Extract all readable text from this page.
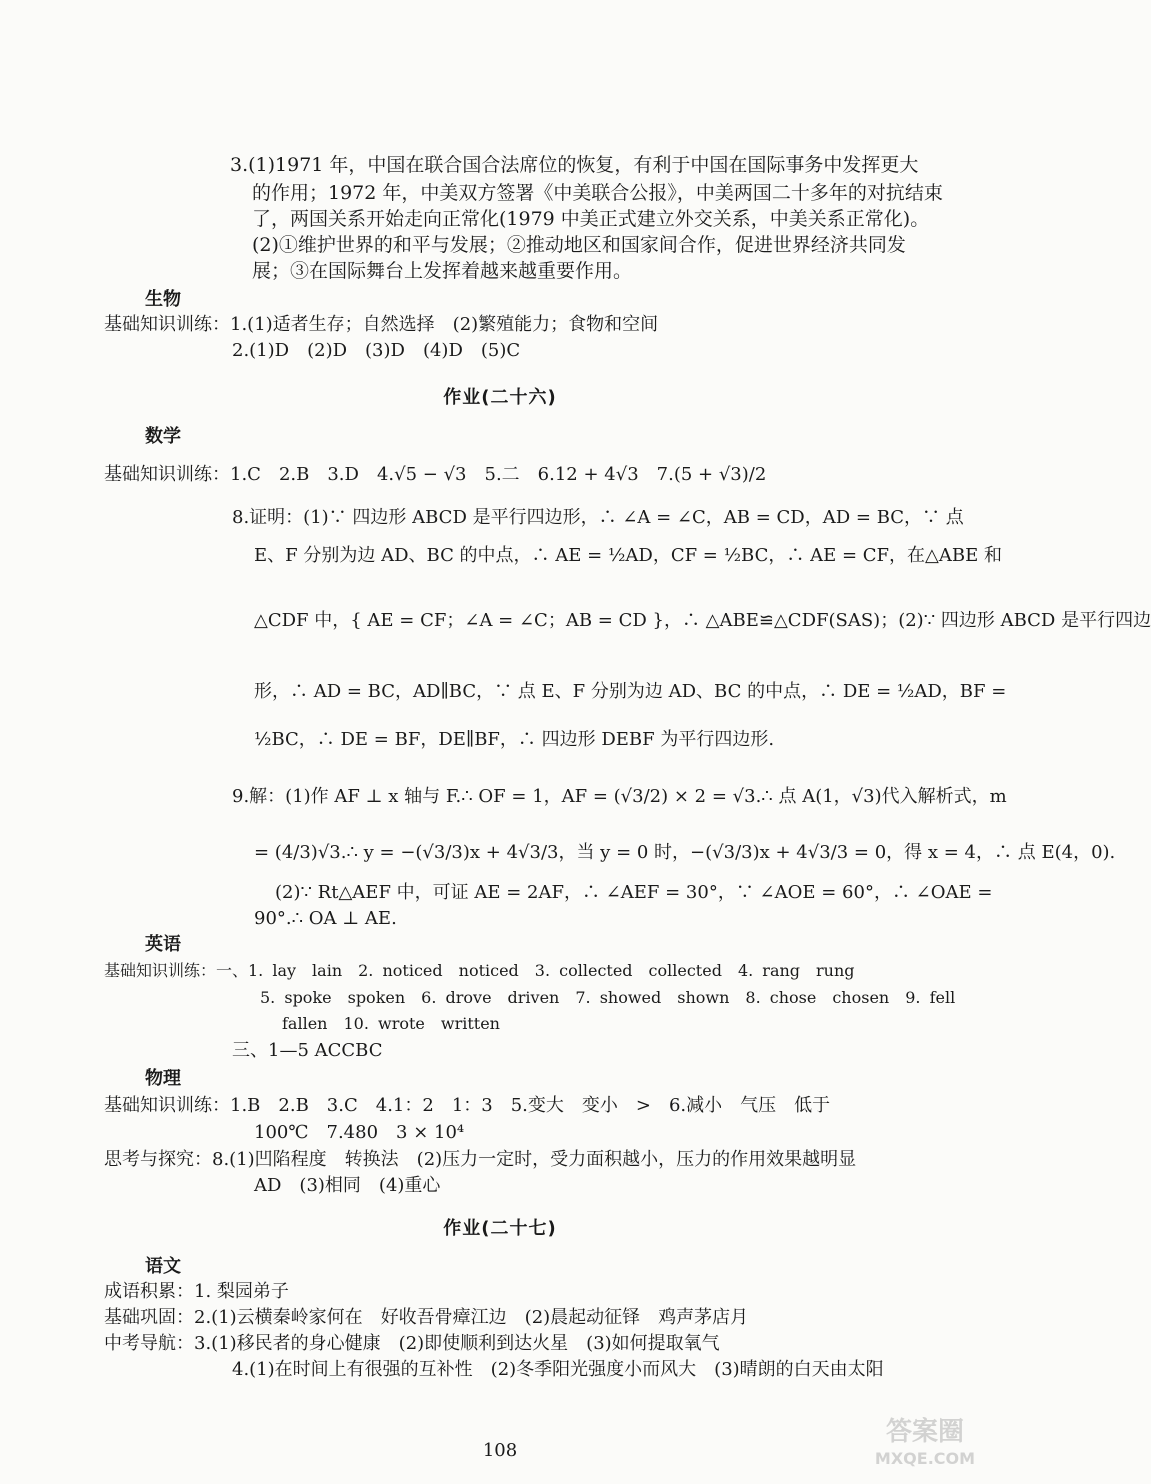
3.(1)1971 年，中国在联合国合法席位的恢复，有利于中国在国际事务中发挥更大
的作用；1972 年，中美双方签署《中美联合公报》，中美两国二十多年的对抗结束
了，两国关系开始走向正常化(1979 中美正式建立外交关系，中美关系正常化)。
(2)①维护世界的和平与发展；②推动地区和国家间合作，促进世界经济共同发
展；③在国际舞台上发挥着越来越重要作用。
生物
基础知识训练：1.(1)适者生存；自然选择　(2)繁殖能力；食物和空间
2.(1)D　(2)D　(3)D　(4)D　(5)C
作业(二十六)
数学
基础知识训练：1.C　2.B　3.D　4.√5 − √3　5.二　6.12 + 4√3　7.(5 + √3)/2
8.证明：(1)∵ 四边形 ABCD 是平行四边形，∴ ∠A = ∠C，AB = CD，AD = BC，∵ 点
E、F 分别为边 AD、BC 的中点，∴ AE = ½AD，CF = ½BC，∴ AE = CF，在△ABE 和
△CDF 中，{ AE = CF；∠A = ∠C；AB = CD }，∴ △ABE≌△CDF(SAS)；(2)∵ 四边形 ABCD 是平行四边
形，∴ AD = BC，AD∥BC，∵ 点 E、F 分别为边 AD、BC 的中点，∴ DE = ½AD，BF =
½BC，∴ DE = BF，DE∥BF，∴ 四边形 DEBF 为平行四边形.
9.解：(1)作 AF ⊥ x 轴与 F.∴ OF = 1，AF = (√3/2) × 2 = √3.∴ 点 A(1，√3)代入解析式，m
= (4/3)√3.∴ y = −(√3/3)x + 4√3/3，当 y = 0 时，−(√3/3)x + 4√3/3 = 0，得 x = 4，∴ 点 E(4，0).
(2)∵ Rt△AEF 中，可证 AE = 2AF，∴ ∠AEF = 30°，∵ ∠AOE = 60°，∴ ∠OAE =
90°.∴ OA ⊥ AE.
英语
基础知识训练：一、1. lay　lain　2. noticed　noticed　3. collected　collected　4. rang　rung
5. spoke　spoken　6. drove　driven　7. showed　shown　8. chose　chosen　9. fell
fallen　10. wrote　written
三、1—5 ACCBC
物理
基础知识训练：1.B　2.B　3.C　4.1：2　1：3　5.变大　变小　>　6.减小　气压　低于
100℃　7.480　3 × 10⁴
思考与探究：8.(1)凹陷程度　转换法　(2)压力一定时，受力面积越小，压力的作用效果越明显
AD　(3)相同　(4)重心
作业(二十七)
语文
成语积累：1. 梨园弟子
基础巩固：2.(1)云横秦岭家何在　好收吾骨瘴江边　(2)晨起动征铎　鸡声茅店月
中考导航：3.(1)移民者的身心健康　(2)即使顺利到达火星　(3)如何提取氧气
4.(1)在时间上有很强的互补性　(2)冬季阳光强度小而风大　(3)晴朗的白天由太阳
108
答案圈
MXQE.COM
